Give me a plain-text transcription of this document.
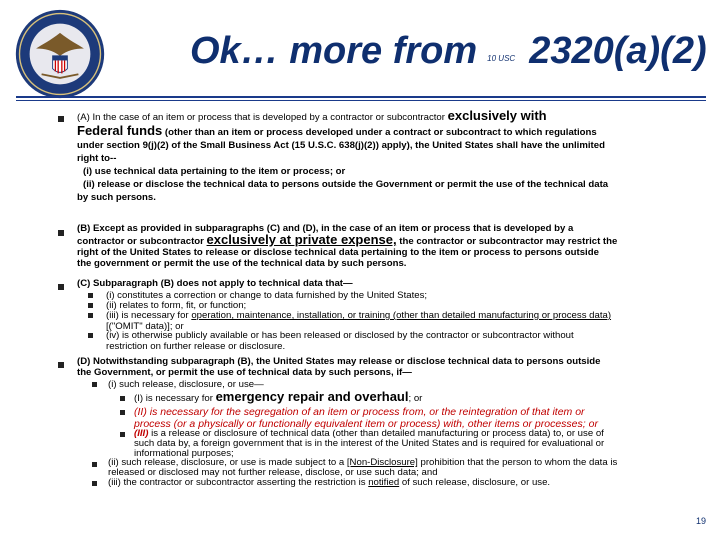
Ok… more from 10 USC 2320(a)(2)
(A) In the case of an item or process that is developed by a contractor or subcontractor exclusively with
Federal funds (other than an item or process developed under a contract or subcontract to which regulations
under section 9(j)(2) of the Small Business Act (15 U.S.C. 638(j)(2)) apply), the United States shall have the unlimited
right to--
(i) use technical data pertaining to the item or process; or
(ii) release or disclose the technical data to persons outside the Government or permit the use of the technical data
by such persons.
(B) Except as provided in subparagraphs (C) and (D), in the case of an item or process that is developed by a
contractor or subcontractor exclusively at private expense, the contractor or subcontractor may restrict the
right of the United States to release or disclose technical data pertaining to the item or process to persons outside
the government or permit the use of the technical data by such persons.
(C) Subparagraph (B) does not apply to technical data that—
(i) constitutes a correction or change to data furnished by the United States;
(ii) relates to form, fit, or function;
(iii) is necessary for operation, maintenance, installation, or training (other than detailed manufacturing or process data)
[("OMIT" data)]; or
(iv) is otherwise publicly available or has been released or disclosed by the contractor or subcontractor without
restriction on further release or disclosure.
(D) Notwithstanding subparagraph (B), the United States may release or disclose technical data to persons outside
the Government, or permit the use of technical data by such persons, if—
(i) such release, disclosure, or use—
(I) is necessary for emergency repair and overhaul; or
(II) is necessary for the segregation of an item or process from, or the reintegration of that item or
process (or a physically or functionally equivalent item or process) with, other items or processes; or
(III) is a release or disclosure of technical data (other than detailed manufacturing or process data) to, or use of
such data by, a foreign government that is in the interest of the United States and is required for evaluational or
informational purposes;
(ii) such release, disclosure, or use is made subject to a [Non-Disclosure] prohibition that the person to whom the data is
released or disclosed may not further release, disclose, or use such data; and
(iii) the contractor or subcontractor asserting the restriction is notified of such release, disclosure, or use.
19
